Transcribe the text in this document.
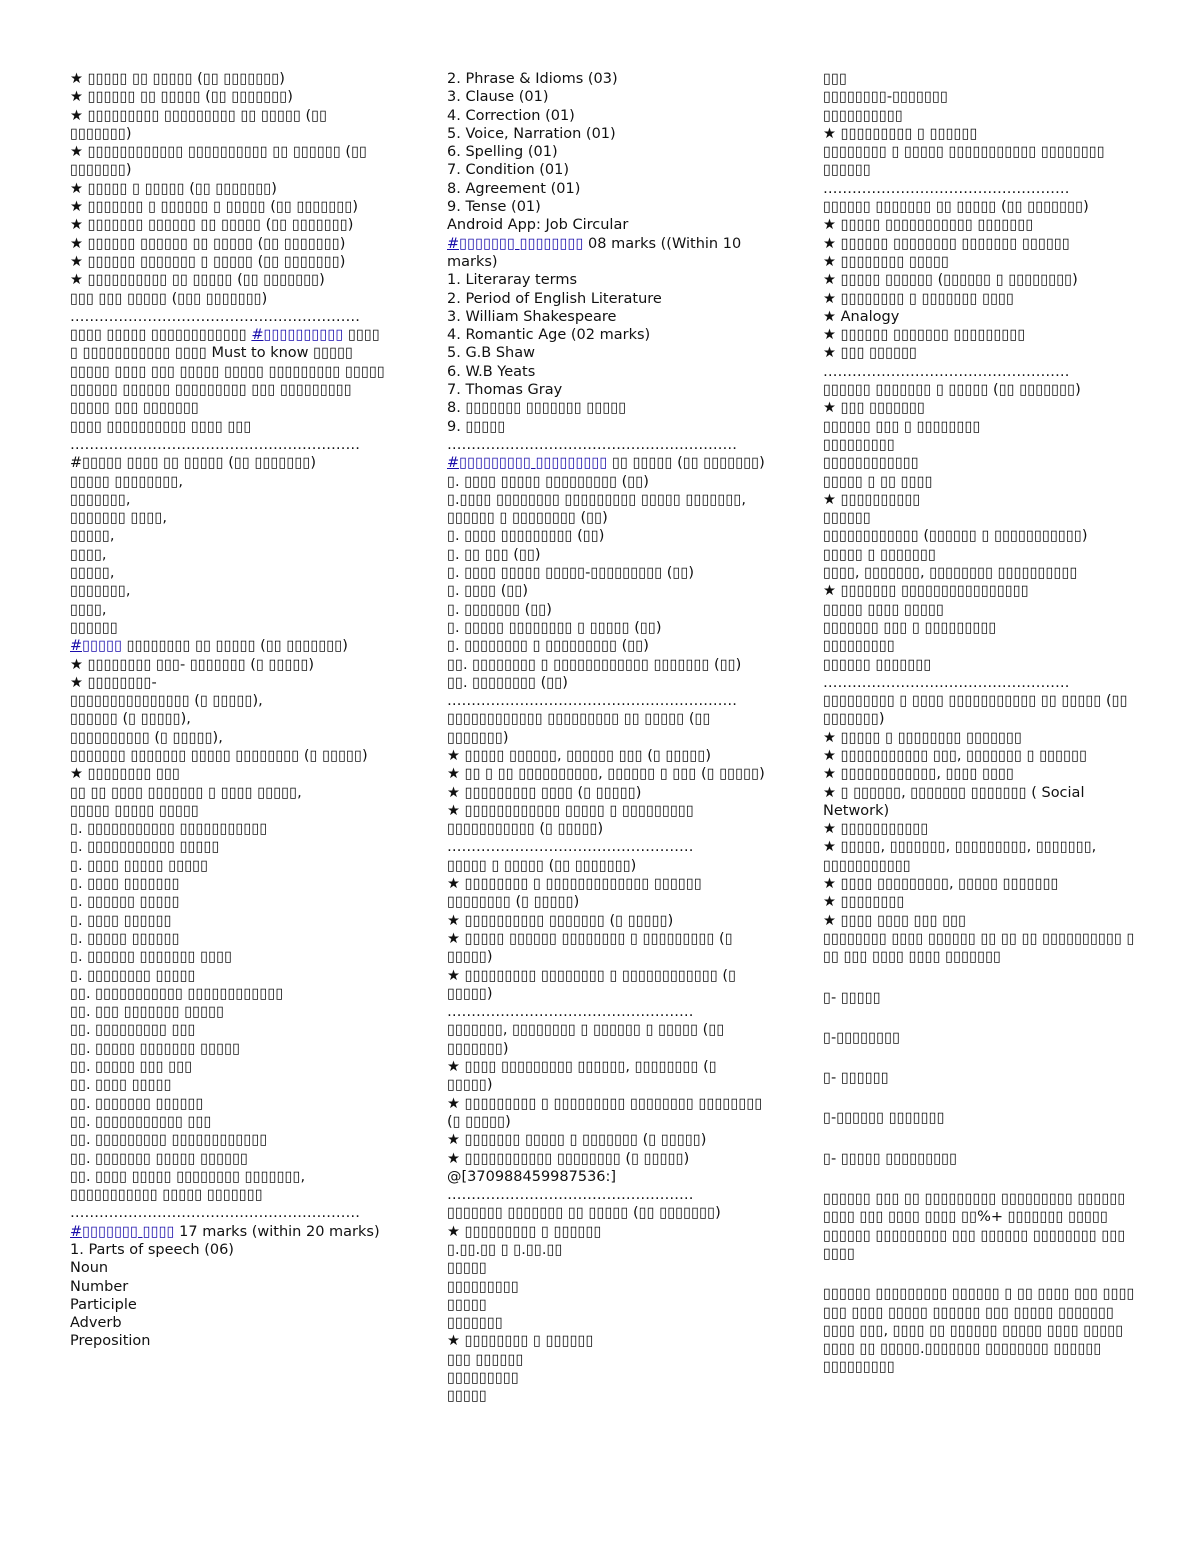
★ ▯▯▯▯▯ ▯▯ ▯▯▯▯▯ (▯▯ ▯▯▯▯▯▯▯)
★ ▯▯▯▯▯▯ ▯▯ ▯▯▯▯▯ (▯▯ ▯▯▯▯▯▯▯)
★ ▯▯▯▯▯▯▯▯▯ ▯▯▯▯▯▯▯▯▯ ▯▯ ▯▯▯▯▯ (▯▯ ▯▯▯▯▯▯▯)
★ ▯▯▯▯▯▯▯▯▯▯▯▯ ▯▯▯▯▯▯▯▯▯▯ ▯▯ ▯▯▯▯▯▯ (▯▯ ▯▯▯▯▯▯▯)
★ ▯▯▯▯▯ ▯ ▯▯▯▯▯ (▯▯ ▯▯▯▯▯▯▯)
★ ▯▯▯▯▯▯▯ ▯ ▯▯▯▯▯▯ ▯ ▯▯▯▯▯ (▯▯ ▯▯▯▯▯▯▯)
★ ▯▯▯▯▯▯▯ ▯▯▯▯▯▯ ▯▯ ▯▯▯▯▯ (▯▯ ▯▯▯▯▯▯▯)
★ ▯▯▯▯▯▯ ▯▯▯▯▯▯ ▯▯ ▯▯▯▯▯ (▯▯ ▯▯▯▯▯▯▯)
★ ▯▯▯▯▯▯ ▯▯▯▯▯▯▯ ▯ ▯▯▯▯▯ (▯▯ ▯▯▯▯▯▯▯)
★ ▯▯▯▯▯▯▯▯▯▯ ▯▯ ▯▯▯▯▯ (▯▯ ▯▯▯▯▯▯▯)
▯▯▯ ▯▯▯ ▯▯▯▯▯ (▯▯▯ ▯▯▯▯▯▯▯)
……………………………………………………
▯▯▯▯ ▯▯▯▯▯ ▯▯▯▯▯▯▯▯▯▯▯▯ #▯▯▯▯▯▯▯▯▯▯ ▯▯▯▯ ▯ ▯▯▯▯▯▯▯▯▯▯▯ ▯▯▯▯ Must to know ▯▯▯▯▯ ▯▯▯▯▯ ▯▯▯▯ ▯▯▯ ▯▯▯▯▯ ▯▯▯▯▯ ▯▯▯▯▯▯▯▯▯ ▯▯▯▯▯ ▯▯▯▯▯▯ ▯▯▯▯▯▯ ▯▯▯▯▯▯▯▯▯ ▯▯▯ ▯▯▯▯▯▯▯▯▯ ▯▯▯▯▯ ▯▯▯ ▯▯▯▯▯▯▯
▯▯▯▯ ▯▯▯▯▯▯▯▯▯▯ ▯▯▯▯ ▯▯▯
……………………………………………………
#▯▯▯▯▯ ▯▯▯▯ ▯▯ ▯▯▯▯▯ (▯▯ ▯▯▯▯▯▯▯)
▯▯▯▯▯ ▯▯▯▯▯▯▯▯,
▯▯▯▯▯▯▯,
▯▯▯▯▯▯▯ ▯▯▯▯,
▯▯▯▯▯,
▯▯▯▯,
▯▯▯▯▯,
▯▯▯▯▯▯▯,
▯▯▯▯,
▯▯▯▯▯▯
#▯▯▯▯▯ ▯▯▯▯▯▯▯▯ ▯▯ ▯▯▯▯▯ (▯▯ ▯▯▯▯▯▯▯)
★ ▯▯▯▯▯▯▯▯ ▯▯▯- ▯▯▯▯▯▯▯ (▯ ▯▯▯▯▯)
★ ▯▯▯▯▯▯▯▯-
▯▯▯▯▯▯▯▯▯▯▯▯▯▯▯ (▯ ▯▯▯▯▯),
▯▯▯▯▯▯ (▯ ▯▯▯▯▯),
▯▯▯▯▯▯▯▯▯▯ (▯ ▯▯▯▯▯),
▯▯▯▯▯▯▯ ▯▯▯▯▯▯▯ ▯▯▯▯▯ ▯▯▯▯▯▯▯▯ (▯ ▯▯▯▯▯)
★ ▯▯▯▯▯▯▯▯ ▯▯▯
▯▯ ▯▯ ▯▯▯▯ ▯▯▯▯▯▯▯ ▯ ▯▯▯▯ ▯▯▯▯▯,
▯▯▯▯▯ ▯▯▯▯▯ ▯▯▯▯▯
▯. ▯▯▯▯▯▯▯▯▯▯▯ ▯▯▯▯▯▯▯▯▯▯▯
▯. ▯▯▯▯▯▯▯▯▯▯▯ ▯▯▯▯▯
▯. ▯▯▯▯ ▯▯▯▯▯ ▯▯▯▯▯
▯. ▯▯▯▯ ▯▯▯▯▯▯▯
▯. ▯▯▯▯▯▯ ▯▯▯▯▯
▯. ▯▯▯▯ ▯▯▯▯▯▯
▯. ▯▯▯▯▯ ▯▯▯▯▯▯
▯. ▯▯▯▯▯▯ ▯▯▯▯▯▯▯ ▯▯▯▯
▯. ▯▯▯▯▯▯▯▯ ▯▯▯▯▯
▯▯. ▯▯▯▯▯▯▯▯▯▯▯ ▯▯▯▯▯▯▯▯▯▯▯▯
▯▯. ▯▯▯ ▯▯▯▯▯▯▯ ▯▯▯▯▯
▯▯. ▯▯▯▯▯▯▯▯▯ ▯▯▯
▯▯. ▯▯▯▯▯ ▯▯▯▯▯▯▯ ▯▯▯▯▯
▯▯. ▯▯▯▯▯ ▯▯▯ ▯▯▯
▯▯. ▯▯▯▯ ▯▯▯▯▯
▯▯. ▯▯▯▯▯▯▯ ▯▯▯▯▯▯
▯▯. ▯▯▯▯▯▯▯▯▯▯▯ ▯▯▯
▯▯. ▯▯▯▯▯▯▯▯▯ ▯▯▯▯▯▯▯▯▯▯▯▯
▯▯. ▯▯▯▯▯▯▯ ▯▯▯▯▯ ▯▯▯▯▯▯
▯▯. ▯▯▯▯ ▯▯▯▯▯ ▯▯▯▯▯▯▯▯ ▯▯▯▯▯▯▯,
▯▯▯▯▯▯▯▯▯▯▯ ▯▯▯▯▯ ▯▯▯▯▯▯▯
……………………………………………………
#▯▯▯▯▯▯▯ ▯▯▯▯ 17 marks (within 20 marks)
1. Parts of speech (06)
Noun
Number
Participle
Adverb
Preposition
2. Phrase & Idioms (03)
3. Clause (01)
4. Correction (01)
5. Voice, Narration (01)
6. Spelling (01)
7. Condition (01)
8. Agreement (01)
9. Tense (01)
Android App: Job Circular
#▯▯▯▯▯▯▯ ▯▯▯▯▯▯▯▯ 08 marks ((Within 10 marks)
1. Literaray terms
2. Period of English Literature
3. William Shakespeare
4. Romantic Age (02 marks)
5. G.B Shaw
6. W.B Yeats
7. Thomas Gray
8. ▯▯▯▯▯▯▯ ▯▯▯▯▯▯▯ ▯▯▯▯▯
9. ▯▯▯▯▯
……………………………………………………
#▯▯▯▯▯▯▯▯▯ ▯▯▯▯▯▯▯▯▯ ▯▯ ▯▯▯▯▯ (▯▯ ▯▯▯▯▯▯▯)
▯. ▯▯▯▯ ▯▯▯▯▯ ▯▯▯▯▯▯▯▯▯ (▯▯)
▯.▯▯▯▯ ▯▯▯▯▯▯▯▯ ▯▯▯▯▯▯▯▯▯ ▯▯▯▯▯ ▯▯▯▯▯▯▯, ▯▯▯▯▯▯ ▯ ▯▯▯▯▯▯▯▯ (▯▯)
▯. ▯▯▯▯ ▯▯▯▯▯▯▯▯▯ (▯▯)
▯. ▯▯ ▯▯▯ (▯▯)
▯. ▯▯▯▯ ▯▯▯▯▯ ▯▯▯▯▯-▯▯▯▯▯▯▯▯▯ (▯▯)
▯. ▯▯▯▯ (▯▯)
▯. ▯▯▯▯▯▯▯ (▯▯)
▯. ▯▯▯▯▯ ▯▯▯▯▯▯▯▯ ▯ ▯▯▯▯▯ (▯▯)
▯. ▯▯▯▯▯▯▯▯ ▯ ▯▯▯▯▯▯▯▯▯ (▯▯)
▯▯. ▯▯▯▯▯▯▯▯ ▯ ▯▯▯▯▯▯▯▯▯▯▯▯ ▯▯▯▯▯▯▯ (▯▯)
▯▯. ▯▯▯▯▯▯▯▯ (▯▯)
……………………………………………………
▯▯▯▯▯▯▯▯▯▯▯▯ ▯▯▯▯▯▯▯▯▯ ▯▯ ▯▯▯▯▯ (▯▯ ▯▯▯▯▯▯▯)
★ ▯▯▯▯▯ ▯▯▯▯▯▯, ▯▯▯▯▯▯ ▯▯▯ (▯ ▯▯▯▯▯)
★ ▯▯ ▯ ▯▯ ▯▯▯▯▯▯▯▯▯▯, ▯▯▯▯▯▯ ▯ ▯▯▯ (▯ ▯▯▯▯▯)
★ ▯▯▯▯▯▯▯▯▯ ▯▯▯▯ (▯ ▯▯▯▯▯)
★ ▯▯▯▯▯▯▯▯▯▯▯▯ ▯▯▯▯▯ ▯ ▯▯▯▯▯▯▯▯▯ ▯▯▯▯▯▯▯▯▯▯▯ (▯ ▯▯▯▯▯)
……………………………………………
▯▯▯▯▯ ▯ ▯▯▯▯▯ (▯▯ ▯▯▯▯▯▯▯)
★ ▯▯▯▯▯▯▯▯ ▯ ▯▯▯▯▯▯▯▯▯▯▯▯▯ ▯▯▯▯▯▯ ▯▯▯▯▯▯▯▯ (▯ ▯▯▯▯▯)
★ ▯▯▯▯▯▯▯▯▯▯ ▯▯▯▯▯▯▯ (▯ ▯▯▯▯▯)
★ ▯▯▯▯▯ ▯▯▯▯▯▯ ▯▯▯▯▯▯▯▯ ▯ ▯▯▯▯▯▯▯▯▯ (▯ ▯▯▯▯▯)
★ ▯▯▯▯▯▯▯▯▯ ▯▯▯▯▯▯▯▯ ▯ ▯▯▯▯▯▯▯▯▯▯▯▯ (▯ ▯▯▯▯▯)
……………………………………………
▯▯▯▯▯▯▯, ▯▯▯▯▯▯▯▯ ▯ ▯▯▯▯▯▯ ▯ ▯▯▯▯▯ (▯▯ ▯▯▯▯▯▯▯)
★ ▯▯▯▯ ▯▯▯▯▯▯▯▯▯ ▯▯▯▯▯▯, ▯▯▯▯▯▯▯▯ (▯ ▯▯▯▯▯)
★ ▯▯▯▯▯▯▯▯▯ ▯ ▯▯▯▯▯▯▯▯▯ ▯▯▯▯▯▯▯▯ ▯▯▯▯▯▯▯▯ (▯ ▯▯▯▯▯)
★ ▯▯▯▯▯▯▯ ▯▯▯▯▯ ▯ ▯▯▯▯▯▯▯ (▯ ▯▯▯▯▯)
★ ▯▯▯▯▯▯▯▯▯▯▯ ▯▯▯▯▯▯▯▯ (▯ ▯▯▯▯▯)
@[370988459987536:]
……………………………………………
▯▯▯▯▯▯▯ ▯▯▯▯▯▯▯ ▯▯ ▯▯▯▯▯ (▯▯ ▯▯▯▯▯▯▯)
★ ▯▯▯▯▯▯▯▯▯ ▯ ▯▯▯▯▯▯
▯.▯▯.▯▯ ▯ ▯.▯▯.▯▯
▯▯▯▯▯
▯▯▯▯▯▯▯▯▯
▯▯▯▯▯
▯▯▯▯▯▯▯
★ ▯▯▯▯▯▯▯▯ ▯ ▯▯▯▯▯▯
▯▯▯ ▯▯▯▯▯▯
▯▯▯▯▯▯▯▯▯
▯▯▯▯▯
▯▯▯
▯▯▯▯▯▯▯▯-▯▯▯▯▯▯▯
▯▯▯▯▯▯▯▯▯▯
★ ▯▯▯▯▯▯▯▯▯ ▯ ▯▯▯▯▯▯
▯▯▯▯▯▯▯▯ ▯ ▯▯▯▯▯ ▯▯▯▯▯▯▯▯▯▯▯ ▯▯▯▯▯▯▯▯ ▯▯▯▯▯▯
……………………………………………
▯▯▯▯▯▯ ▯▯▯▯▯▯▯ ▯▯ ▯▯▯▯▯ (▯▯ ▯▯▯▯▯▯▯)
★ ▯▯▯▯▯ ▯▯▯▯▯▯▯▯▯▯▯ ▯▯▯▯▯▯▯
★ ▯▯▯▯▯▯ ▯▯▯▯▯▯▯▯ ▯▯▯▯▯▯▯ ▯▯▯▯▯▯
★ ▯▯▯▯▯▯▯▯ ▯▯▯▯▯
★ ▯▯▯▯▯ ▯▯▯▯▯▯ (▯▯▯▯▯▯ ▯ ▯▯▯▯▯▯▯▯)
★ ▯▯▯▯▯▯▯▯ ▯ ▯▯▯▯▯▯▯ ▯▯▯▯
★ Analogy
★ ▯▯▯▯▯▯ ▯▯▯▯▯▯▯ ▯▯▯▯▯▯▯▯▯
★ ▯▯▯ ▯▯▯▯▯▯
……………………………………………
▯▯▯▯▯▯ ▯▯▯▯▯▯▯ ▯ ▯▯▯▯▯ (▯▯ ▯▯▯▯▯▯▯)
★ ▯▯▯ ▯▯▯▯▯▯▯
▯▯▯▯▯▯ ▯▯▯ ▯ ▯▯▯▯▯▯▯▯
▯▯▯▯▯▯▯▯▯
▯▯▯▯▯▯▯▯▯▯▯▯
▯▯▯▯▯ ▯ ▯▯ ▯▯▯▯
★ ▯▯▯▯▯▯▯▯▯▯
▯▯▯▯▯▯
▯▯▯▯▯▯▯▯▯▯▯▯ (▯▯▯▯▯▯ ▯ ▯▯▯▯▯▯▯▯▯▯▯)
▯▯▯▯▯ ▯ ▯▯▯▯▯▯▯
▯▯▯▯, ▯▯▯▯▯▯▯, ▯▯▯▯▯▯▯▯ ▯▯▯▯▯▯▯▯▯▯
★ ▯▯▯▯▯▯▯ ▯▯▯▯▯▯▯▯▯▯▯▯▯▯▯▯
▯▯▯▯▯ ▯▯▯▯ ▯▯▯▯▯
▯▯▯▯▯▯▯ ▯▯▯ ▯ ▯▯▯▯▯▯▯▯▯
▯▯▯▯▯▯▯▯▯
▯▯▯▯▯▯ ▯▯▯▯▯▯▯
……………………………………………
▯▯▯▯▯▯▯▯▯ ▯ ▯▯▯▯ ▯▯▯▯▯▯▯▯▯▯▯ ▯▯ ▯▯▯▯▯ (▯▯ ▯▯▯▯▯▯▯)
★ ▯▯▯▯▯ ▯ ▯▯▯▯▯▯▯▯ ▯▯▯▯▯▯▯
★ ▯▯▯▯▯▯▯▯▯▯▯ ▯▯▯, ▯▯▯▯▯▯▯ ▯ ▯▯▯▯▯▯
★ ▯▯▯▯▯▯▯▯▯▯▯▯, ▯▯▯▯ ▯▯▯▯
★ ▯ ▯▯▯▯▯▯, ▯▯▯▯▯▯▯ ▯▯▯▯▯▯▯ ( Social Network)
★ ▯▯▯▯▯▯▯▯▯▯▯
★ ▯▯▯▯▯, ▯▯▯▯▯▯▯, ▯▯▯▯▯▯▯▯▯, ▯▯▯▯▯▯▯, ▯▯▯▯▯▯▯▯▯▯▯
★ ▯▯▯▯ ▯▯▯▯▯▯▯▯▯, ▯▯▯▯▯ ▯▯▯▯▯▯▯
★ ▯▯▯▯▯▯▯▯
★ ▯▯▯▯ ▯▯▯▯ ▯▯▯ ▯▯▯
▯▯▯▯▯▯▯▯ ▯▯▯▯ ▯▯▯▯▯▯ ▯▯ ▯▯ ▯▯ ▯▯▯▯▯▯▯▯▯▯ ▯ ▯▯ ▯▯▯ ▯▯▯▯ ▯▯▯▯ ▯▯▯▯▯▯▯
▯- ▯▯▯▯▯
▯-▯▯▯▯▯▯▯▯
▯- ▯▯▯▯▯▯
▯-▯▯▯▯▯▯ ▯▯▯▯▯▯▯
▯- ▯▯▯▯▯ ▯▯▯▯▯▯▯▯▯
▯▯▯▯▯▯ ▯▯▯ ▯▯ ▯▯▯▯▯▯▯▯▯ ▯▯▯▯▯▯▯▯▯ ▯▯▯▯▯▯ ▯▯▯▯ ▯▯▯ ▯▯▯▯ ▯▯▯▯ ▯▯%+ ▯▯▯▯▯▯▯ ▯▯▯▯▯ ▯▯▯▯▯▯ ▯▯▯▯▯▯▯▯▯ ▯▯▯ ▯▯▯▯▯▯ ▯▯▯▯▯▯▯▯ ▯▯▯ ▯▯▯▯
▯▯▯▯▯▯ ▯▯▯▯▯▯▯▯▯ ▯▯▯▯▯▯ ▯ ▯▯ ▯▯▯▯ ▯▯▯ ▯▯▯▯ ▯▯▯ ▯▯▯▯ ▯▯▯▯▯ ▯▯▯▯▯▯ ▯▯▯ ▯▯▯▯▯ ▯▯▯▯▯▯▯ ▯▯▯▯ ▯▯▯, ▯▯▯▯ ▯▯ ▯▯▯▯▯▯ ▯▯▯▯▯ ▯▯▯▯ ▯▯▯▯▯ ▯▯▯▯ ▯▯ ▯▯▯▯▯.▯▯▯▯▯▯▯ ▯▯▯▯▯▯▯▯ ▯▯▯▯▯▯ ▯▯▯▯▯▯▯▯▯
